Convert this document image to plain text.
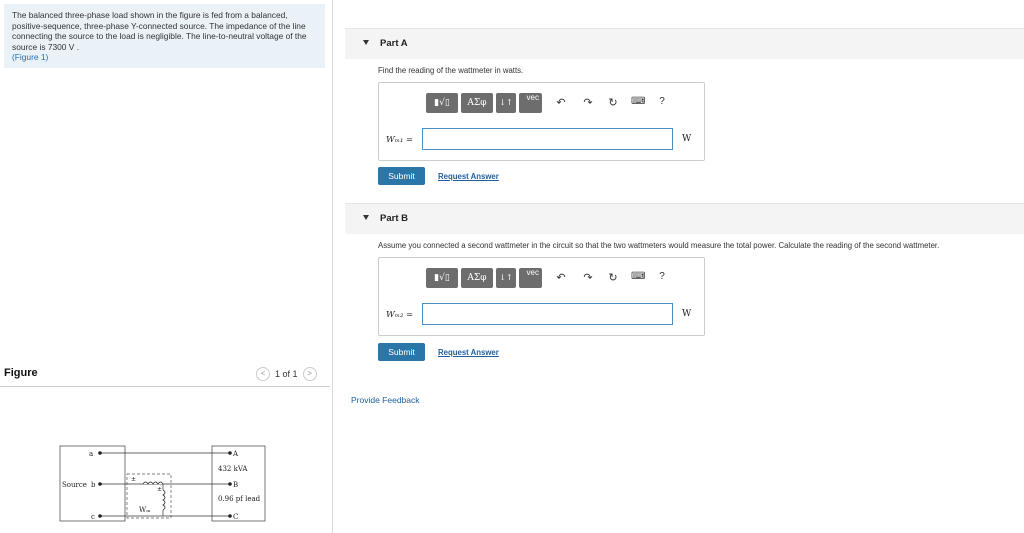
The balanced three-phase load shown in the figure is fed from a balanced, positive-sequence, three-phase Y-connected source. The impedance of the line connecting the source to the load is negligible. The line-to-neutral voltage of the source is 7300 V .
(Figure 1)
Figure	< 1 of 1 >
a
Source b
c
A
B
C
432 kVA
0.96 pf lead
Wₘ
±
±
Part A
Find the reading of the wattmeter in watts.
▮√▯	ΑΣφ	↓↑
vec ↶ ↷ ↻ ⌨	?
Wₘ₁ =	W
Submit	Request Answer
Part B
Assume you connected a second wattmeter in the circuit so that the two wattmeters would measure the total power. Calculate the reading of the second wattmeter.
▮√▯	ΑΣφ	↓↑
vec ↶ ↷ ↻ ⌨	?
Wₘ₂ =	W
Submit	Request Answer
Provide Feedback
